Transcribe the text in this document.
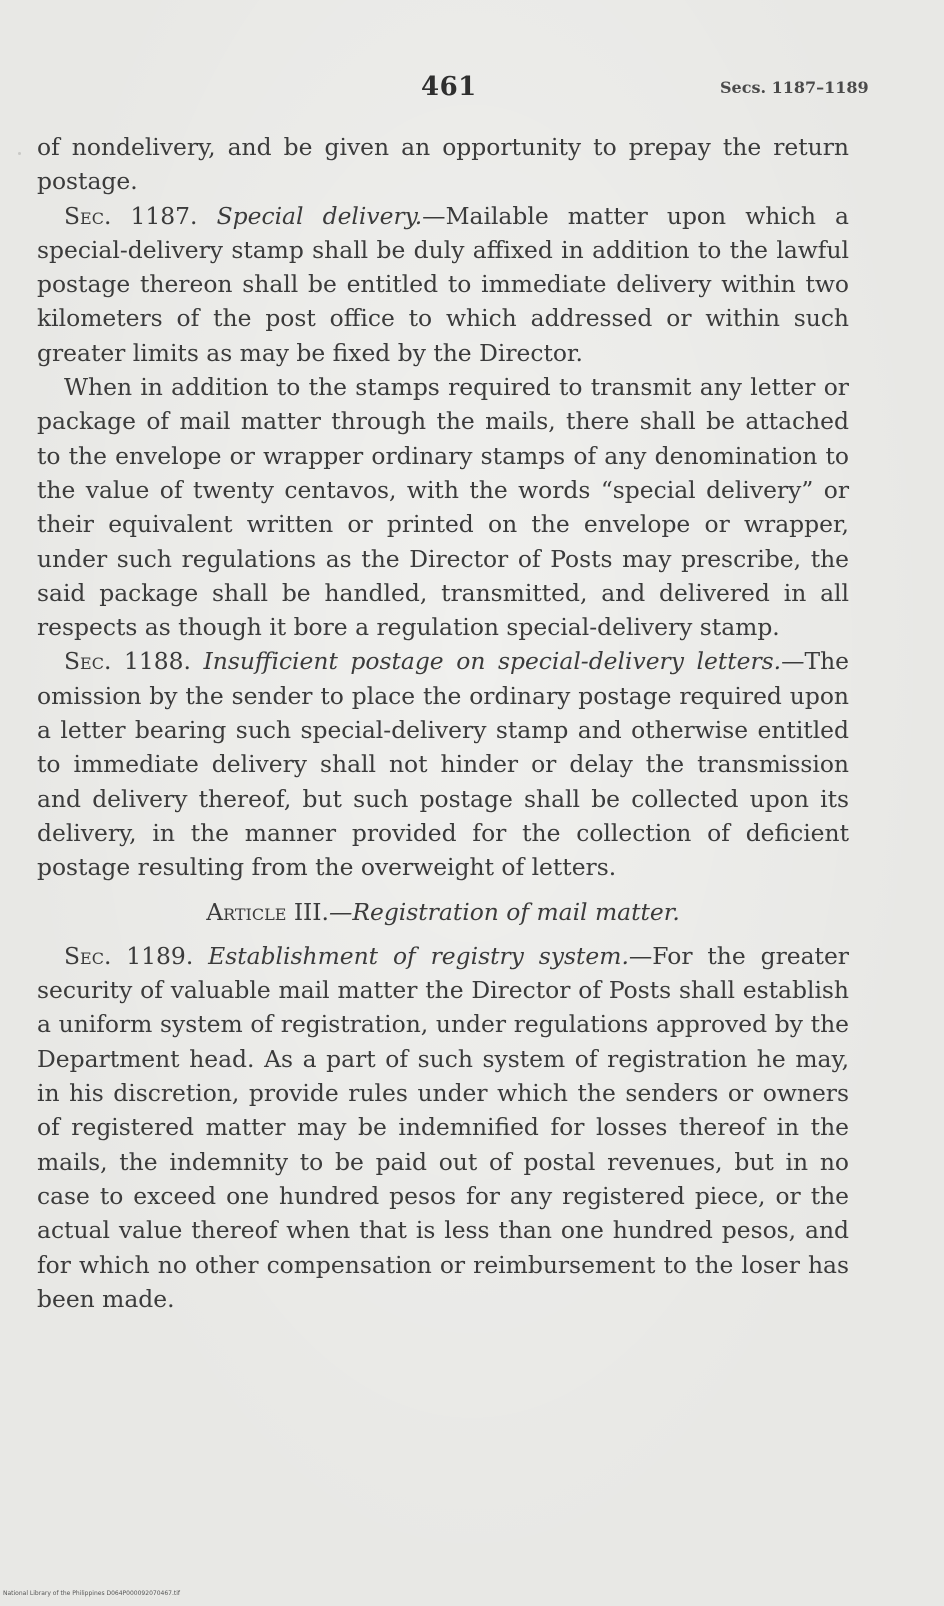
461	Secs. 1187–1189

of nondelivery, and be given an opportunity to prepay the return postage.

Sec. 1187. Special delivery.—Mailable matter upon which a special-delivery stamp shall be duly affixed in addition to the lawful postage thereon shall be entitled to immediate delivery within two kilometers of the post office to which addressed or within such greater limits as may be fixed by the Director.

When in addition to the stamps required to transmit any letter or package of mail matter through the mails, there shall be attached to the envelope or wrapper ordinary stamps of any denomination to the value of twenty centavos, with the words “special delivery” or their equivalent written or printed on the envelope or wrapper, under such regulations as the Director of Posts may prescribe, the said package shall be handled, transmitted, and delivered in all respects as though it bore a regulation special-delivery stamp.

Sec. 1188. Insufficient postage on special-delivery letters.—The omission by the sender to place the ordinary postage required upon a letter bearing such special-delivery stamp and otherwise entitled to immediate delivery shall not hinder or delay the transmission and delivery thereof, but such postage shall be collected upon its delivery, in the manner provided for the collection of deficient postage resulting from the overweight of letters.

Article III.—Registration of mail matter.

Sec. 1189. Establishment of registry system.—For the greater security of valuable mail matter the Director of Posts shall establish a uniform system of registration, under regulations approved by the Department head. As a part of such system of registration he may, in his discretion, provide rules under which the senders or owners of registered matter may be indemnified for losses thereof in the mails, the indemnity to be paid out of postal revenues, but in no case to exceed one hundred pesos for any registered piece, or the actual value thereof when that is less than one hundred pesos, and for which no other compensation or reimbursement to the loser has been made.

National Library of the Philippines D064P000092070467.tif
